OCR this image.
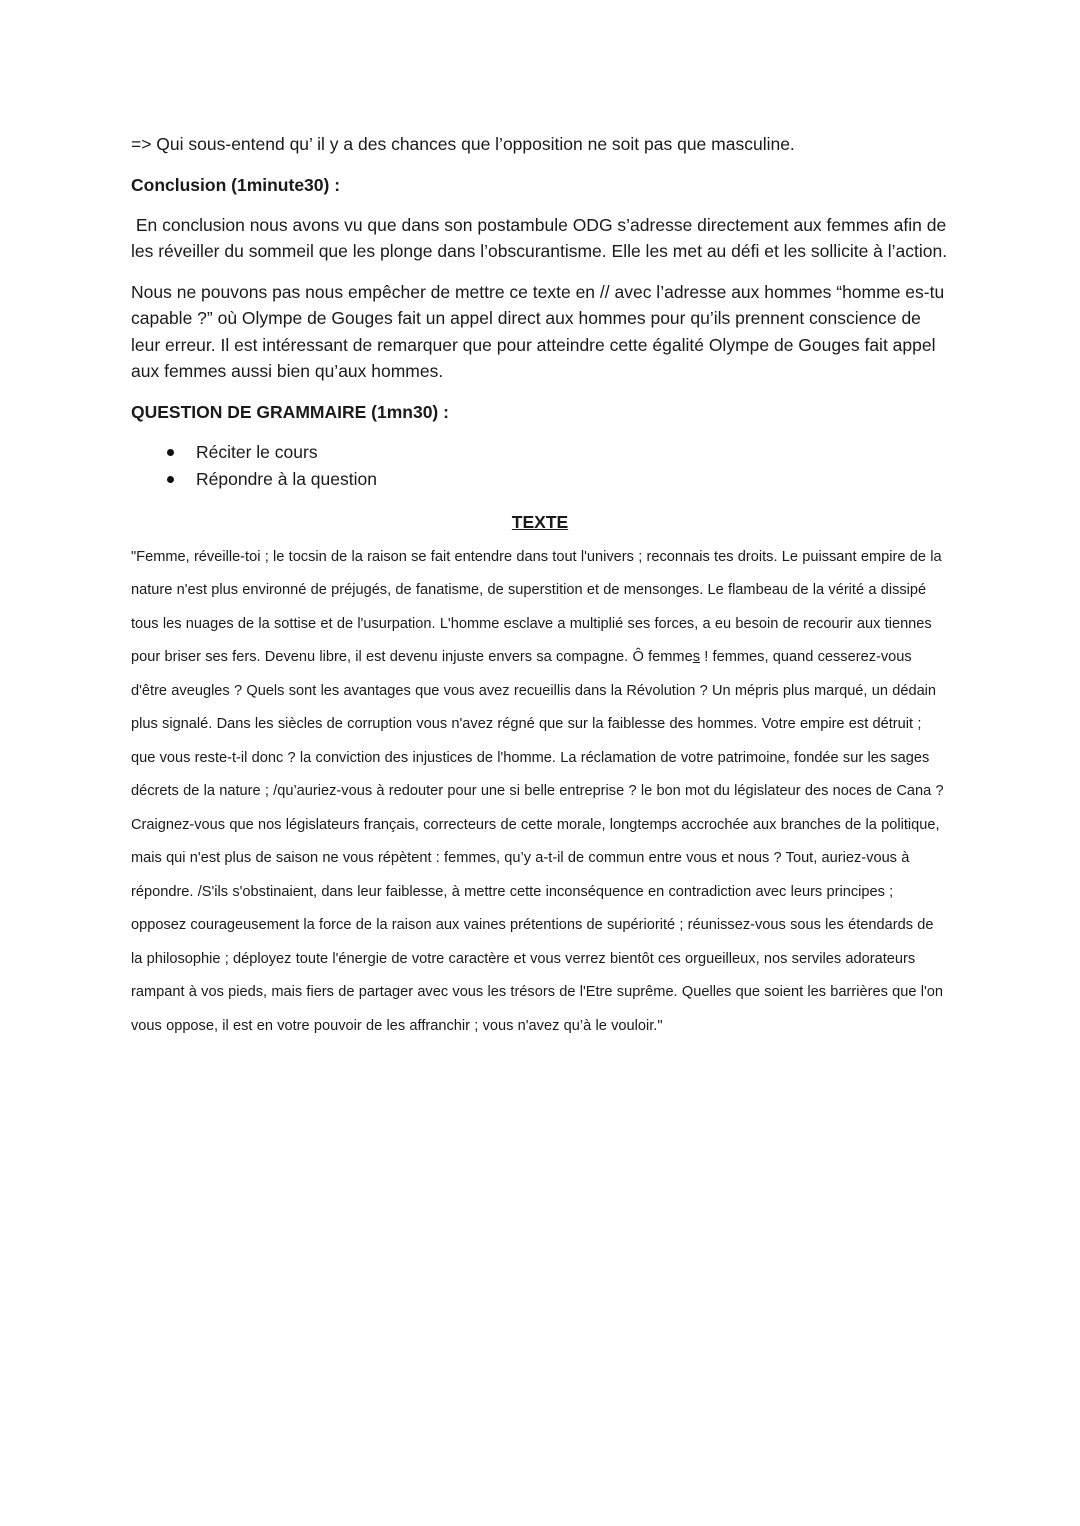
=> Qui sous-entend qu’ il y a des chances que l’opposition ne soit pas que masculine.

Conclusion (1minute30) :

En conclusion nous avons vu que dans son postambule ODG s’adresse directement aux femmes afin de les réveiller du sommeil que les plonge dans l’obscurantisme. Elle les met au défi et les sollicite à l’action.

Nous ne pouvons pas nous empêcher de mettre ce texte en // avec l’adresse aux hommes “homme es-tu capable ?” où Olympe de Gouges fait un appel direct aux hommes pour qu’ils prennent conscience de leur erreur. Il est intéressant de remarquer que pour atteindre cette égalité Olympe de Gouges fait appel aux femmes aussi bien qu’aux hommes.

QUESTION DE GRAMMAIRE (1mn30) :

Réciter le cours
Répondre à la question

TEXTE

"Femme, réveille-toi ; le tocsin de la raison se fait entendre dans tout l'univers ; reconnais tes droits. Le puissant empire de la nature n'est plus environné de préjugés, de fanatisme, de superstition et de mensonges. Le flambeau de la vérité a dissipé tous les nuages de la sottise et de l'usurpation. L'homme esclave a multiplié ses forces, a eu besoin de recourir aux tiennes pour briser ses fers. Devenu libre, il est devenu injuste envers sa compagne. Ô femmes ! femmes, quand cesserez-vous d'être aveugles ? Quels sont les avantages que vous avez recueillis dans la Révolution ? Un mépris plus marqué, un dédain plus signalé. Dans les siècles de corruption vous n'avez régné que sur la faiblesse des hommes. Votre empire est détruit ; que vous reste-t-il donc ? la conviction des injustices de l'homme. La réclamation de votre patrimoine, fondée sur les sages décrets de la nature ; /qu’auriez-vous à redouter pour une si belle entreprise ? le bon mot du législateur des noces de Cana ? Craignez-vous que nos législateurs français, correcteurs de cette morale, longtemps accrochée aux branches de la politique, mais qui n'est plus de saison ne vous répètent : femmes, qu’y a-t-il de commun entre vous et nous ? Tout, auriez-vous à répondre. /S'ils s'obstinaient, dans leur faiblesse, à mettre cette inconséquence en contradiction avec leurs principes ; opposez courageusement la force de la raison aux vaines prétentions de supériorité ; réunissez-vous sous les étendards de la philosophie ; déployez toute l'énergie de votre caractère et vous verrez bientôt ces orgueilleux, nos serviles adorateurs rampant à vos pieds, mais fiers de partager avec vous les trésors de l'Etre suprême. Quelles que soient les barrières que l'on vous oppose, il est en votre pouvoir de les affranchir ; vous n'avez qu’à le vouloir."
